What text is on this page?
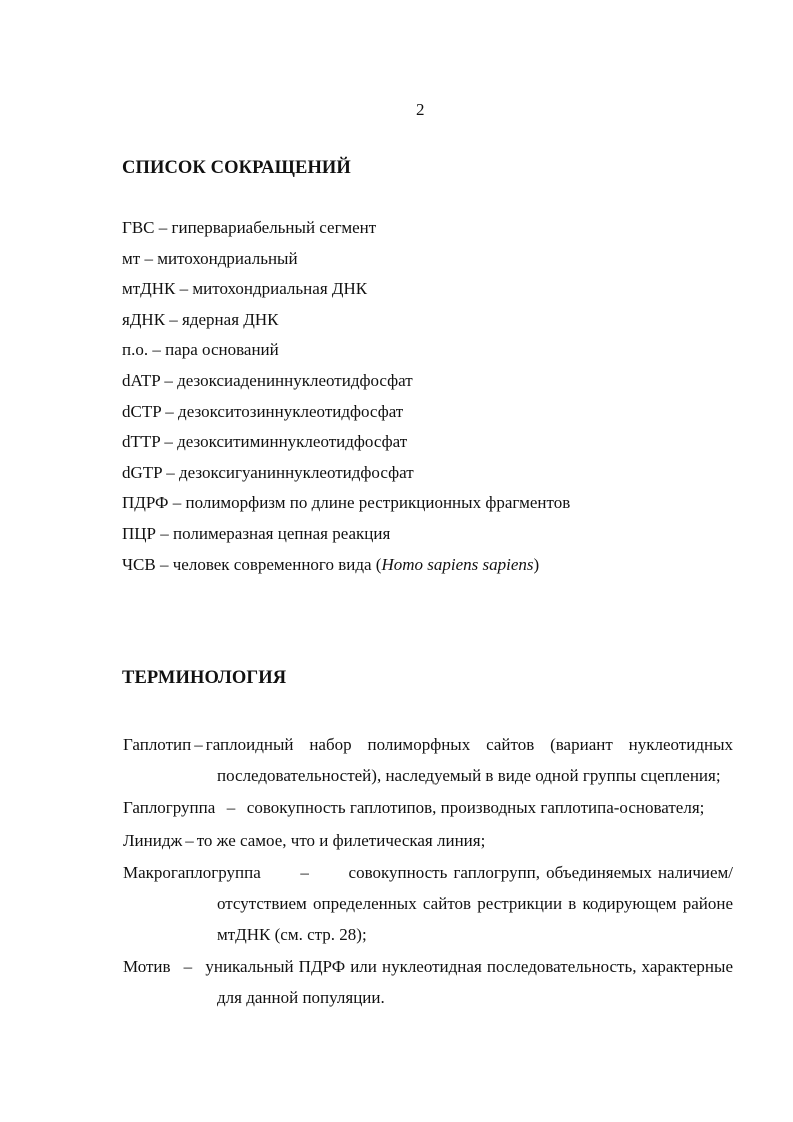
2
СПИСОК СОКРАЩЕНИЙ
ГВС – гипервариабельный сегмент
мт – митохондриальный
мтДНК – митохондриальная ДНК
яДНК – ядерная ДНК
п.о. – пара оснований
dATP – дезоксиадениннуклеотидфосфат
dCTP – дезокситозиннуклеотидфосфат
dTTP – дезокситиминнуклеотидфосфат
dGTP – дезоксигуаниннуклеотидфосфат
ПДРФ – полиморфизм по длине рестрикционных фрагментов
ПЦР – полимеразная цепная реакция
ЧСВ – человек современного вида (Homo sapiens sapiens)
ТЕРМИНОЛОГИЯ
Гаплотип – гаплоидный набор полиморфных сайтов (вариант нуклеотидных последовательностей), наследуемый в виде одной группы сцепления;
Гаплогруппа  –  совокупность гаплотипов, производных гаплотипа-основателя;
Линидж – то же самое, что и филетическая линия;
Макрогаплогруппа      –      совокупность гаплогрупп, объединяемых наличием/отсутствием определенных сайтов рестрикции в кодирующем районе мтДНК (см. стр. 28);
Мотив  –  уникальный ПДРФ или нуклеотидная последовательность, характерные для данной популяции.
